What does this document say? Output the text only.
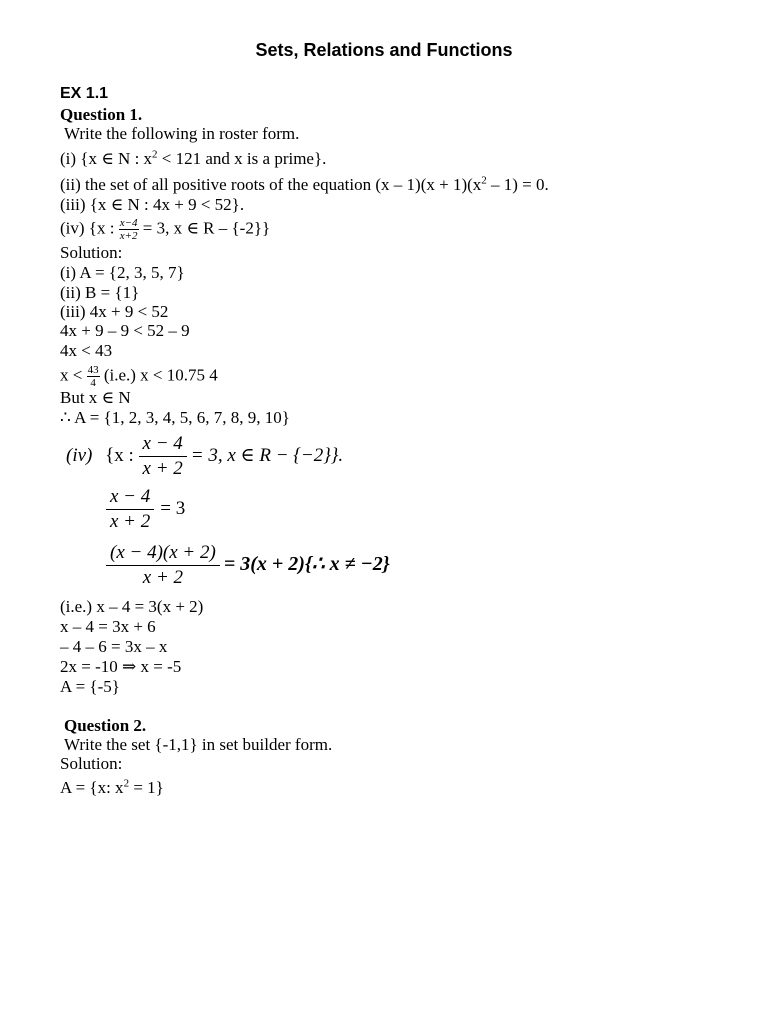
Sets, Relations and Functions
EX 1.1
Question 1.
Write the following in roster form.
(i) {x ∈ N : $x^2 < 121$ and x is a prime}.
(ii) the set of all positive roots of the equation $(x - 1)(x + 1)(x^2 - 1) = 0$.
(iii) {x ∈ N : 4x + 9 < 52}.
(iv) {x : $\frac{x-4}{x+2} = 3$, x ∈ R – {-2}}
Solution:
(i) A = {2, 3, 5, 7}
(ii) B = {1}
(iii) 4x + 9 < 52
4x + 9 – 9 < 52 – 9
4x < 43
$x < \frac{43}{4} (i.e.) x < 10.75$ 4
But x ∈ N
∴ A = {1, 2, 3, 4, 5, 6, 7, 8, 9, 10}
(iv) {x : $\frac{x - 4}{x + 2} = 3$, x ∈ R − {−2}}.
$\frac{x - 4}{x + 2} = 3$
$\frac{(x - 4)(x + 2)}{x + 2} = 3(x$ + 2){∴ x ≠ −2}
(i.e.) x – 4 = 3(x + 2)
x – 4 = 3x + 6
– 4 – 6 = 3x – x
2x = -10 ⇒ x = -5
A = {-5}
Question 2.
Write the set {-1,1} in set builder form.
Solution:
A = {x: $x^2 = 1$}
